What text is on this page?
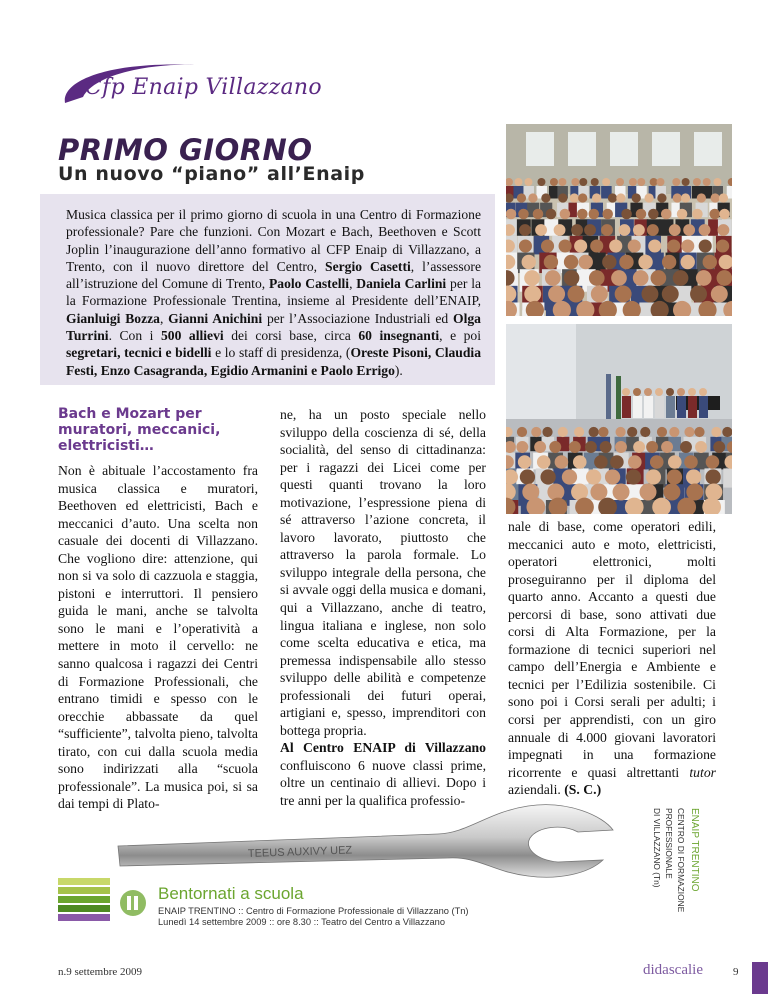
Cfp Enaip Villazzano
PRIMO GIORNO
Un nuovo “piano” all’Enaip
Musica classica per il primo giorno di scuola in una Centro di Formazione professionale? Pare che funzioni. Con Mozart e Bach, Beethoven e Scott Joplin l’inaugurazione dell’anno formativo al CFP Enaip di Villazzano, a Trento, con il nuovo direttore del Centro, Sergio Casetti, l’assessore all’istruzione del Comune di Trento, Paolo Castelli, Daniela Carlini per la la Formazione Professionale Trentina, insieme al Presidente dell’ENAIP, Gianluigi Bozza, Gianni Anichini per l’Associazione Industriali ed Olga Turrini. Con i 500 allievi dei corsi base, circa 60 insegnanti, e poi segretari, tecnici e bidelli e lo staff di presidenza, (Oreste Pisoni, Claudia Festi, Enzo Casagranda, Egidio Armanini e Paolo Errigo).
Bach e Mozart per muratori, meccanici, elettricisti…

Non è abituale l’accostamento fra musica classica e muratori, Beethoven ed elettricisti, Bach e meccanici d’auto. Una scelta non casuale dei docenti di Villazzano. Che vogliono dire: attenzione, qui non si va solo di cazzuola e staggia, pistoni e interruttori. Il pensiero guida le mani, anche se talvolta sono le mani e l’operatività a mettere in moto il cervello: ne sanno qualcosa i ragazzi dei Centri di Formazione Professionali, che entrano timidi e spesso con le orecchie abbassate da quel “sufficiente”, talvolta pieno, talvolta tirato, con cui dalla scuola media sono indirizzati alla “scuola professionale”. La musica poi, si sa dai tempi di Plato-

ne, ha un posto speciale nello sviluppo della coscienza di sé, della socialità, del senso di cittadinanza: per i ragazzi dei Licei come per questi quanti trovano la loro motivazione, l’espressione piena di sé attraverso l’azione concreta, il lavoro lavorato, piuttosto che attraverso la parola formale. Lo sviluppo integrale della persona, che si avvale oggi della musica e domani, qui a Villazzano, anche di teatro, lingua italiana e inglese, non solo come scelta educativa e etica, ma premessa indispensabile allo stesso sviluppo delle abilità e competenze professionali dei futuri operai, artigiani e, spesso, imprenditori con bottega propria.
Al Centro ENAIP di Villazzano confluiscono 6 nuove classi prime, oltre un centinaio di allievi. Dopo i tre anni per la qualifica professio-

nale di base, come operatori edili, meccanici auto e moto, elettricisti, operatori elettronici, molti proseguiranno per il diploma del quarto anno. Accanto a questi due percorsi di base, sono attivati due corsi di Alta Formazione, per la formazione di tecnici superiori nel campo dell’Energia e Ambiente e tecnici per l’Edilizia sostenibile. Ci sono poi i Corsi serali per adulti; i corsi per apprendisti, con un giro annuale di 4.000 giovani lavoratori impegnati in una formazione ricorrente e quasi altrettanti tutor aziendali. (S. C.)

TEEUS AUXIVY UEZ
Bentornati a scuola
ENAIP TRENTINO :: Centro di Formazione Professionale di Villazzano (Tn)
Lunedì 14 settembre 2009 :: ore 8.30 :: Teatro del Centro a Villazzano
ENAIP TRENTINO
CENTRO DI FORMAZIONE
PROFESSIONALE
DI VILLAZZANO (Tn)
n.9 settembre 2009	didascalie	9
